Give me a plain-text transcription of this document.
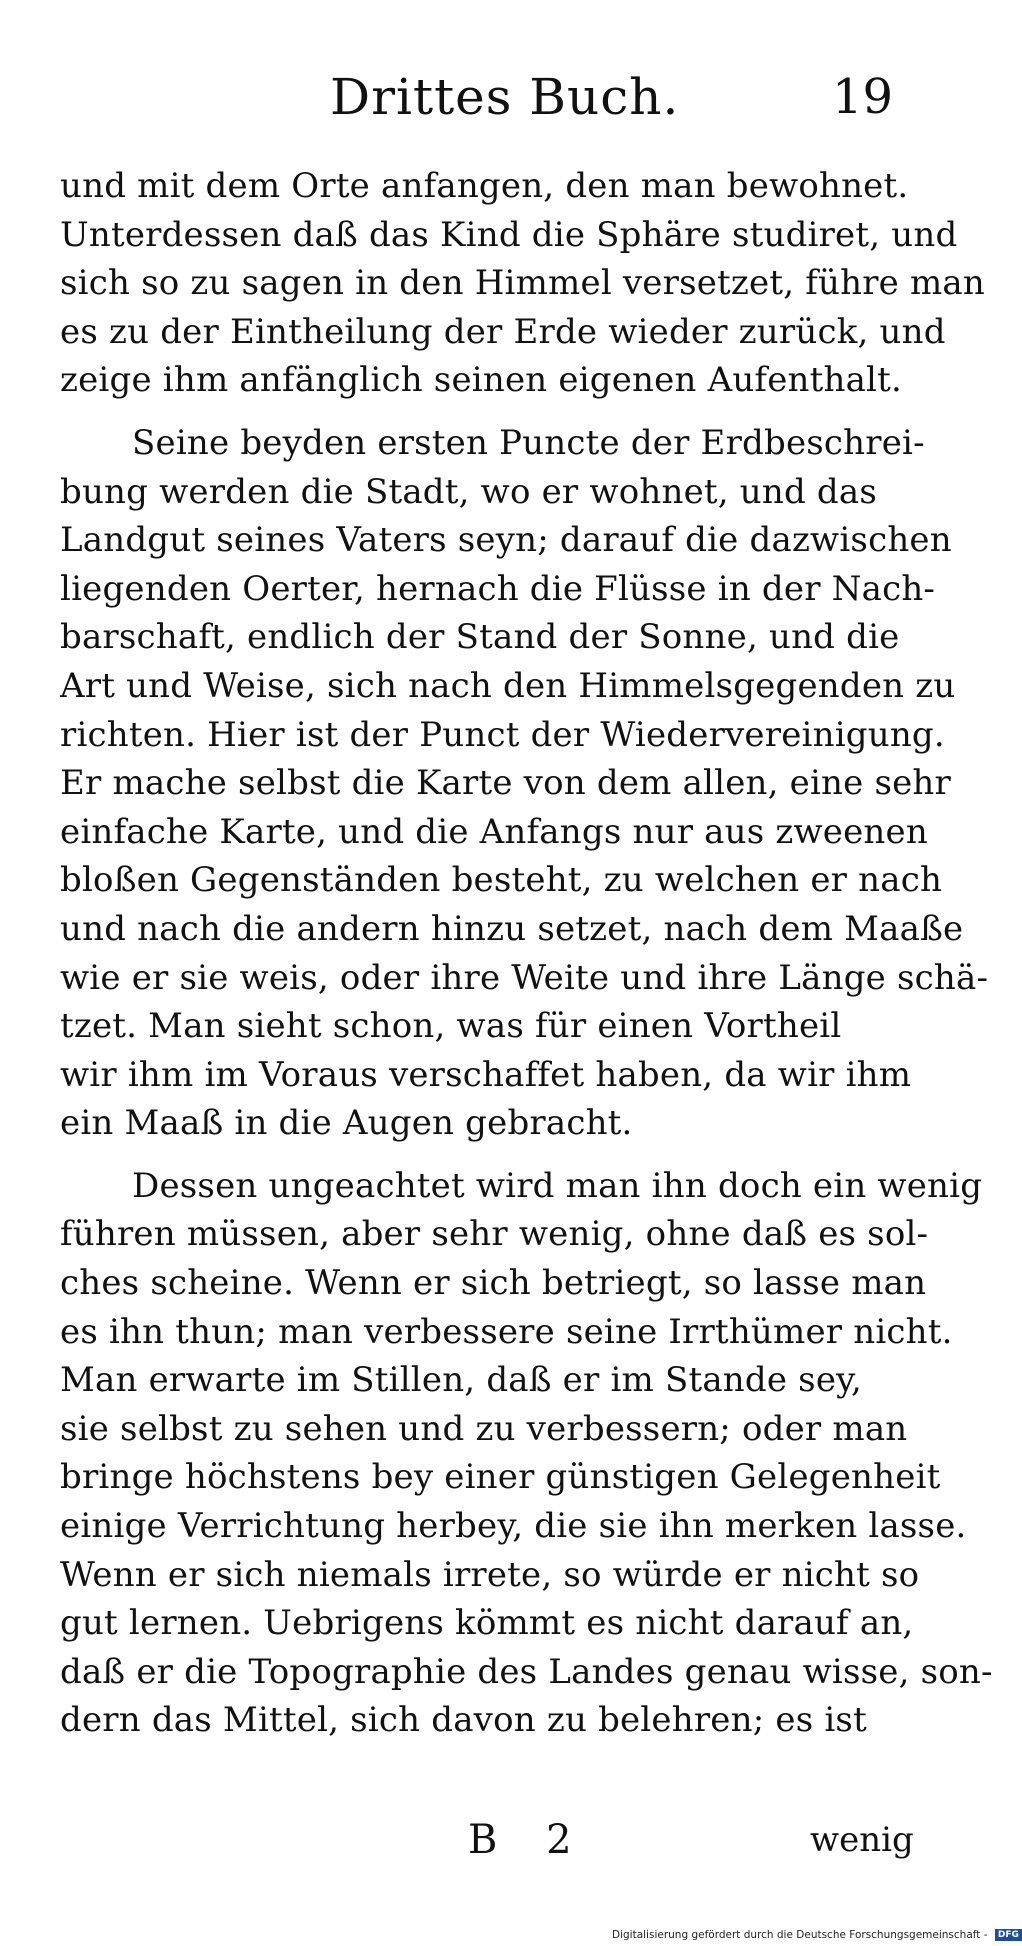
Drittes Buch.	19
und mit dem Orte anfangen, den man bewohnet.
Unterdessen daß das Kind die Sphäre studiret, und
sich so zu sagen in den Himmel versetzet, führe man
es zu der Eintheilung der Erde wieder zurück, und
zeige ihm anfänglich seinen eigenen Aufenthalt.
Seine beyden ersten Puncte der Erdbeschrei-
bung werden die Stadt, wo er wohnet, und das
Landgut seines Vaters seyn; darauf die dazwischen
liegenden Oerter, hernach die Flüsse in der Nach-
barschaft, endlich der Stand der Sonne, und die
Art und Weise, sich nach den Himmelsgegenden zu
richten. Hier ist der Punct der Wiedervereinigung.
Er mache selbst die Karte von dem allen, eine sehr
einfache Karte, und die Anfangs nur aus zweenen
bloßen Gegenständen besteht, zu welchen er nach
und nach die andern hinzu setzet, nach dem Maaße
wie er sie weis, oder ihre Weite und ihre Länge schä-
tzet. Man sieht schon, was für einen Vortheil
wir ihm im Voraus verschaffet haben, da wir ihm
ein Maaß in die Augen gebracht.
Dessen ungeachtet wird man ihn doch ein wenig
führen müssen, aber sehr wenig, ohne daß es sol-
ches scheine. Wenn er sich betriegt, so lasse man
es ihn thun; man verbessere seine Irrthümer nicht.
Man erwarte im Stillen, daß er im Stande sey,
sie selbst zu sehen und zu verbessern; oder man
bringe höchstens bey einer günstigen Gelegenheit
einige Verrichtung herbey, die sie ihn merken lasse.
Wenn er sich niemals irrete, so würde er nicht so
gut lernen. Uebrigens kömmt es nicht darauf an,
daß er die Topographie des Landes genau wisse, son-
dern das Mittel, sich davon zu belehren; es ist
B 2	wenig
Digitalisierung gefördert durch die Deutsche Forschungsgemeinschaft - DFG
